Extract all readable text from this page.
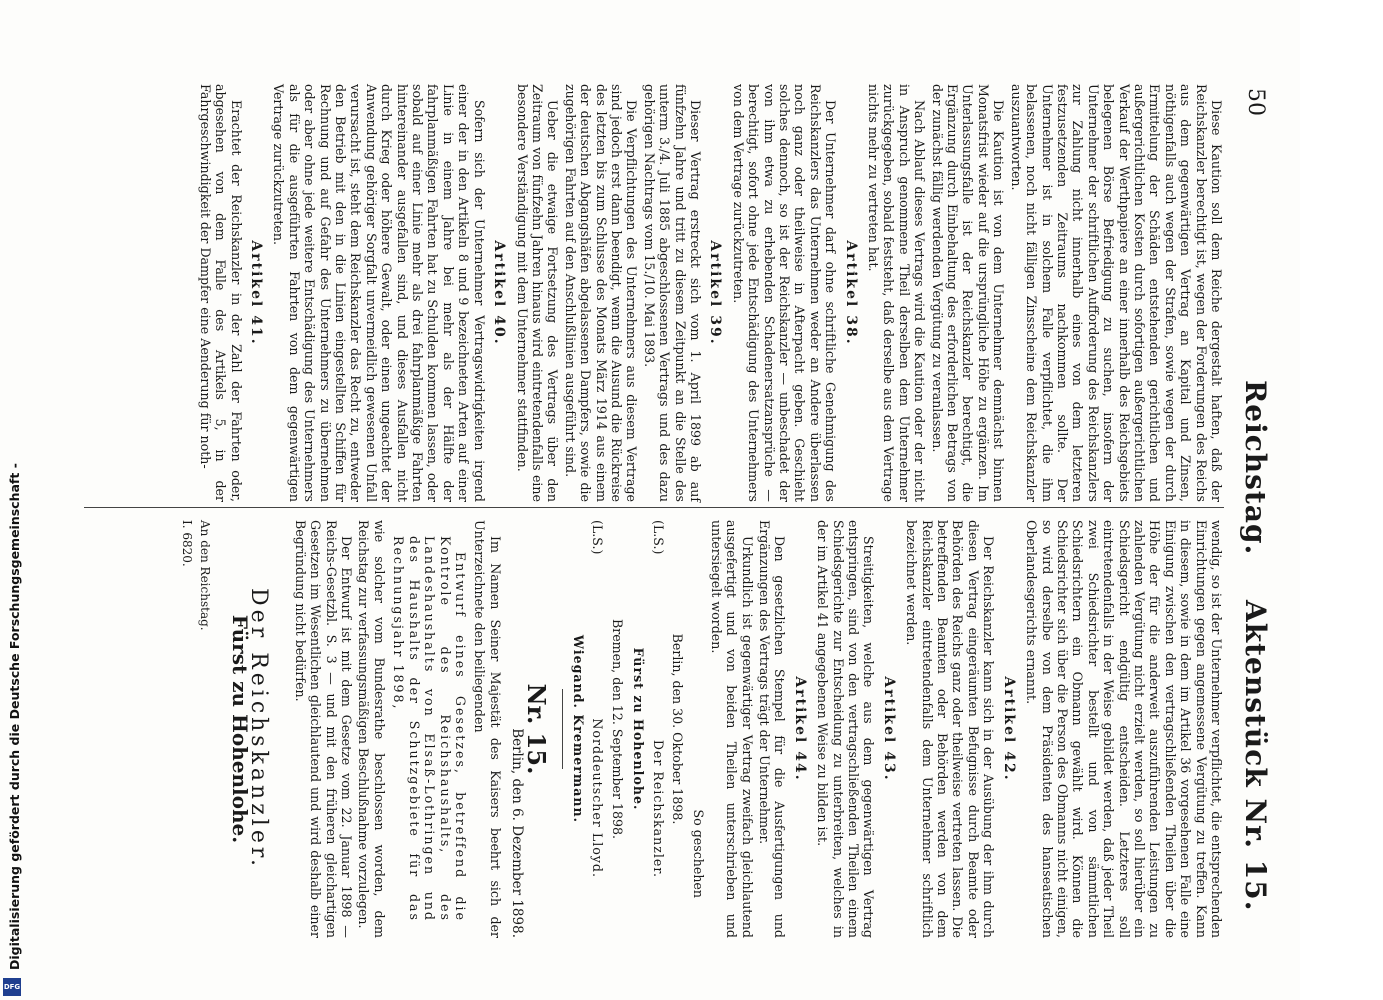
50
Reichstag.
Aktenstück Nr. 15.

Diese Kaution soll dem Reiche dergestalt haften, daß der Reichskanzler berechtigt ist, wegen der Forderungen des Reichs aus dem gegenwärtigen Vertrag an Kapital und Zinsen, nöthigenfalls auch wegen der Strafen, sowie wegen der durch Ermittelung der Schäden entstehenden gerichtlichen und außergerichtlichen Kosten durch sofortigen außergerichtlichen Verkauf der Werthpapiere an einer innerhalb des Reichsgebiets belegenen Börse Befriedigung zu suchen, insofern der Unternehmer der schriftlichen Aufforderung des Reichskanzlers zur Zahlung nicht innerhalb eines von dem letzteren festzusetzenden Zeitraums nachkommen sollte. Der Unternehmer ist in solchem Falle verpflichtet, die ihm belassenen, noch nicht fälligen Zinsscheine dem Reichskanzler auszuantworten.

Die Kaution ist von dem Unternehmer demnächst binnen Monatsfrist wieder auf die ursprüngliche Höhe zu ergänzen. Im Unterlassungsfalle ist der Reichskanzler berechtigt, die Ergänzung durch Einbehaltung des erforderlichen Betrags von der zunächst fällig werdenden Vergütung zu veranlassen.

Nach Ablauf dieses Vertrags wird die Kaution oder der nicht in Anspruch genommene Theil derselben dem Unternehmer zurückgegeben, sobald feststeht, daß derselbe aus dem Vertrage nichts mehr zu vertreten hat.

Artikel 38.

Der Unternehmer darf ohne schriftliche Genehmigung des Reichskanzlers das Unternehmen weder an Andere überlassen noch ganz oder theilweise in Afterpacht geben. Geschieht solches dennoch, so ist der Reichskanzler — unbeschadet der von ihm etwa zu erhebenden Schadenersatzansprüche — berechtigt, sofort ohne jede Entschädigung des Unternehmers von dem Vertrage zurückzutreten.

Artikel 39.

Dieser Vertrag erstreckt sich vom 1. April 1899 ab auf fünfzehn Jahre und tritt zu diesem Zeitpunkt an die Stelle des unterm 3./4. Juli 1885 abgeschlossenen Vertrags und des dazu gehörigen Nachtrags vom 15./10. Mai 1893.

Die Verpflichtungen des Unternehmers aus diesem Vertrage sind jedoch erst dann beendigt, wenn die Ausund die Rückreise des letzten bis zum Schlusse des Monats März 1914 aus einem der deutschen Abgangshäfen abgelassenen Dampfers, sowie die zugehörigen Fahrten auf den Anschlußlinien ausgeführt sind.

Ueber die etwaige Fortsetzung des Vertrags über den Zeitraum von fünfzehn Jahren hinaus wird eintretendenfalls eine besondere Verständigung mit dem Unternehmer stattfinden.

Artikel 40.

Sofern sich der Unternehmer Vertragswidrigkeiten irgend einer der in den Artikeln 8 und 9 bezeichneten Arten auf einer Linie in einem Jahre bei mehr als der Hälfte der fahrplanmäßigen Fahrten hat zu Schulden kommen lassen, oder sobald auf einer Linie mehr als drei fahrplanmäßige Fahrten hintereinander ausgefallen sind, und dieses Ausfallen nicht durch Krieg oder höhere Gewalt, oder einen ungeachtet der Anwendung gehöriger Sorgfalt unvermeidlich gewesenen Unfall verursacht ist, steht dem Reichskanzler das Recht zu, entweder den Betrieb mit den in die Linien eingestellten Schiffen für Rechnung und auf Gefahr des Unternehmers zu übernehmen oder aber ohne jede weitere Entschädigung des Unternehmers als für die ausgeführten Fahrten von dem gegenwärtigen Vertrage zurückzutreten.

Artikel 41.

Erachtet der Reichskanzler in der Zahl der Fahrten oder, abgesehen von dem Falle des Artikels 5, in der Fahrgeschwindigkeit der Dampfer eine Aenderung für noth-

wendig, so ist der Unternehmer verpflichtet, die entsprechenden Einrichtungen gegen angemessene Vergütung zu treffen. Kann in diesem, sowie in dem im Artikel 36 vorgesehenen Falle eine Einigung zwischen den vertragschließenden Theilen über die Höhe der für die anderweit auszuführenden Leistungen zu zahlenden Vergütung nicht erzielt werden, so soll hierüber ein Schiedsgericht endgültig entscheiden. Letzteres soll eintretendenfalls in der Weise gebildet werden, daß jeder Theil zwei Schiedsrichter bestellt und von sämmtlichen Schiedsrichtern ein Obmann gewählt wird. Können die Schiedsrichter sich über die Person des Obmanns nicht einigen, so wird derselbe von dem Präsidenten des hanseatischen Oberlandesgerichts ernannt.

Artikel 42.

Der Reichskanzler kann sich in der Ausübung der ihm durch diesen Vertrag eingeräumten Befugnisse durch Beamte oder Behörden des Reichs ganz oder theilweise vertreten lassen. Die betreffenden Beamten oder Behörden werden von dem Reichskanzler eintretendenfalls dem Unternehmer schriftlich bezeichnet werden.

Artikel 43.

Streitigkeiten, welche aus dem gegenwärtigen Vertrag entspringen, sind von den vertragschließenden Theilen einem Schiedsgerichte zur Entscheidung zu unterbreiten, welches in der im Artikel 41 angegebenen Weise zu bilden ist.

Artikel 44.

Den gesetzlichen Stempel für die Ausfertigungen und Ergänzungen des Vertrags trägt der Unternehmer.

Urkundlich ist gegenwärtiger Vertrag zweifach gleichlautend ausgefertigt und von beiden Theilen unterschrieben und untersiegelt worden.

So geschehen
Berlin, den 30. Oktober 1898.
(L.S.)
Der Reichskanzler.
Fürst zu Hohenlohe.
Bremen, den 12. September 1898.
(L.S.)
Norddeutscher Lloyd.
Wiegand. Kremermann.
Nr. 15.
Berlin, den 6. Dezember 1898.

Im Namen Seiner Majestät des Kaisers beehrt sich der Unterzeichnete den beiliegenden

Entwurf eines Gesetzes, betreffend die Kontrole des Reichshaushalts, des Landeshaushalts von Elsaß-Lothringen und des Haushalts der Schutzgebiete für das Rechnungsjahr 1898,

wie solcher vom Bundesrathe beschlossen worden, dem Reichstag zur verfassungsmäßigen Beschlußnahme vorzulegen.

Der Entwurf ist mit dem Gesetze vom 22. Januar 1898 — Reichs-Gesetzbl. S. 3 — und mit den früheren gleichartigen Gesetzen im Wesentlichen gleichlautend und wird deshalb einer Begründung nicht bedürfen.

Der Reichskanzler.
Fürst zu Hohenlohe.
An den Reichstag.
I. 6820.
Digitalisierung gefördert durch die Deutsche Forschungsgemeinschaft -
DFG
